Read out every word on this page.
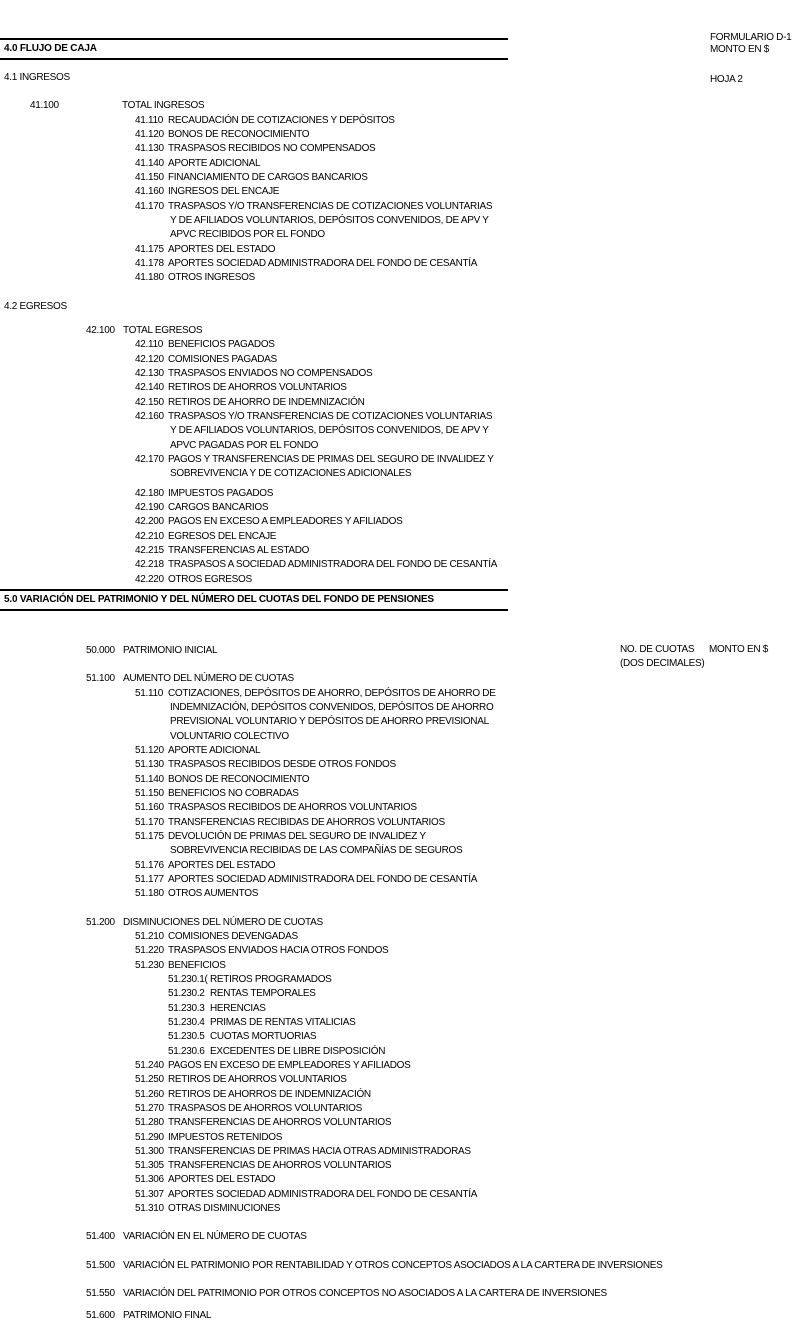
FORMULARIO D-1

HOJA 2

4.0 FLUJO DE CAJA	MONTO EN $
4.1 INGRESOS
41.100	TOTAL INGRESOS
41.110 RECAUDACIÓN DE COTIZACIONES Y DEPÓSITOS
41.120 BONOS DE RECONOCIMIENTO
41.130 TRASPASOS RECIBIDOS NO COMPENSADOS
41.140 APORTE ADICIONAL
41.150 FINANCIAMIENTO DE CARGOS BANCARIOS
41.160 INGRESOS DEL ENCAJE
41.170 TRASPASOS Y/O TRANSFERENCIAS DE COTIZACIONES VOLUNTARIAS
Y DE AFILIADOS VOLUNTARIOS, DEPÓSITOS CONVENIDOS, DE APV Y
APVC RECIBIDOS POR EL FONDO
41.175 APORTES DEL ESTADO
41.178 APORTES SOCIEDAD ADMINISTRADORA DEL FONDO DE CESANTÍA
41.180 OTROS INGRESOS
4.2 EGRESOS
42.100 TOTAL EGRESOS
42.110 BENEFICIOS PAGADOS
42.120 COMISIONES PAGADAS
42.130 TRASPASOS ENVIADOS NO COMPENSADOS
42.140 RETIROS DE AHORROS VOLUNTARIOS
42.150 RETIROS DE AHORRO DE INDEMNIZACIÓN
42.160 TRASPASOS Y/O TRANSFERENCIAS DE COTIZACIONES VOLUNTARIAS
Y DE AFILIADOS VOLUNTARIOS, DEPÓSITOS CONVENIDOS, DE APV Y
APVC PAGADAS POR EL FONDO
42.170 PAGOS Y TRANSFERENCIAS DE PRIMAS DEL SEGURO DE INVALIDEZ Y
SOBREVIVENCIA Y DE COTIZACIONES ADICIONALES
42.180 IMPUESTOS PAGADOS
42.190 CARGOS BANCARIOS
42.200 PAGOS EN EXCESO A EMPLEADORES Y AFILIADOS
42.210 EGRESOS DEL ENCAJE
42.215 TRANSFERENCIAS AL ESTADO
42.218 TRASPASOS A SOCIEDAD ADMINISTRADORA DEL FONDO DE CESANTÍA
42.220 OTROS EGRESOS
5.0 VARIACIÓN DEL PATRIMONIO Y DEL NÚMERO DEL CUOTAS DEL FONDO DE PENSIONES
NO. DE CUOTAS MONTO EN $
(DOS DECIMALES)
50.000 PATRIMONIO INICIAL
51.100 AUMENTO DEL NÚMERO DE CUOTAS
51.110 COTIZACIONES, DEPÓSITOS DE AHORRO, DEPÓSITOS DE AHORRO DE
INDEMNIZACIÓN, DEPÓSITOS CONVENIDOS, DEPÓSITOS DE AHORRO
PREVISIONAL VOLUNTARIO Y DEPÓSITOS DE AHORRO PREVISIONAL
VOLUNTARIO COLECTIVO
51.120 APORTE ADICIONAL
51.130 TRASPASOS RECIBIDOS DESDE OTROS FONDOS
51.140 BONOS DE RECONOCIMIENTO
51.150 BENEFICIOS NO COBRADAS
51.160 TRASPASOS RECIBIDOS DE AHORROS VOLUNTARIOS
51.170 TRANSFERENCIAS RECIBIDAS DE AHORROS VOLUNTARIOS
51.175 DEVOLUCIÓN DE PRIMAS DEL SEGURO DE INVALIDEZ Y
SOBREVIVENCIA RECIBIDAS DE LAS COMPAÑÍAS DE SEGUROS
51.176 APORTES DEL ESTADO
51.177 APORTES SOCIEDAD ADMINISTRADORA DEL FONDO DE CESANTÍA
51.180 OTROS AUMENTOS
51.200 DISMINUCIONES DEL NÚMERO DE CUOTAS
51.210 COMISIONES DEVENGADAS
51.220 TRASPASOS ENVIADOS HACIA OTROS FONDOS
51.230 BENEFICIOS
51.230.1( RETIROS PROGRAMADOS
51.230.2 RENTAS TEMPORALES
51.230.3 HERENCIAS
51.230.4 PRIMAS DE RENTAS VITALICIAS
51.230.5 CUOTAS MORTUORIAS
51.230.6 EXCEDENTES DE LIBRE DISPOSICIÓN
51.240 PAGOS EN EXCESO DE EMPLEADORES Y AFILIADOS
51.250 RETIROS DE AHORROS VOLUNTARIOS
51.260 RETIROS DE AHORROS DE INDEMNIZACIÓN
51.270 TRASPASOS DE AHORROS VOLUNTARIOS
51.280 TRANSFERENCIAS DE AHORROS VOLUNTARIOS
51.290 IMPUESTOS RETENIDOS
51.300 TRANSFERENCIAS DE PRIMAS HACIA OTRAS ADMINISTRADORAS
51.305 TRANSFERENCIAS DE AHORROS VOLUNTARIOS
51.306 APORTES DEL ESTADO
51.307 APORTES SOCIEDAD ADMINISTRADORA DEL FONDO DE CESANTÍA
51.310 OTRAS DISMINUCIONES
51.400 VARIACIÓN EN EL NÚMERO DE CUOTAS
51.500 VARIACIÓN EL PATRIMONIO POR RENTABILIDAD Y OTROS CONCEPTOS ASOCIADOS A LA CARTERA DE INVERSIONES
51.550 VARIACIÓN DEL PATRIMONIO POR OTROS CONCEPTOS NO ASOCIADOS A LA CARTERA DE INVERSIONES
51.600 PATRIMONIO FINAL
